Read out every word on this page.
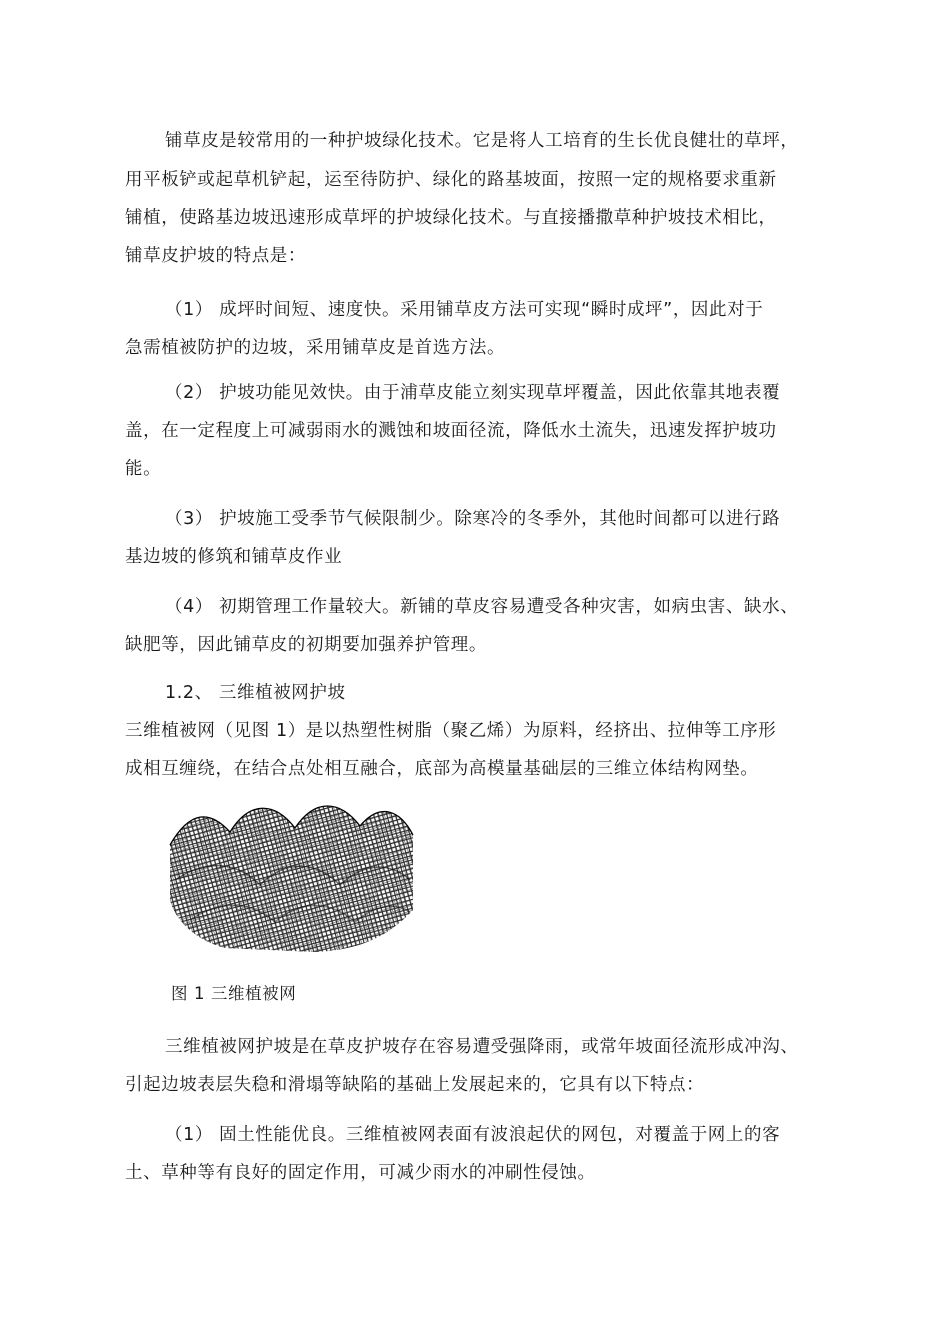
铺草皮是较常用的一种护坡绿化技术。它是将人工培育的生长优良健壮的草坪，

用平板铲或起草机铲起，运至待防护、绿化的路基坡面，按照一定的规格要求重新

铺植，使路基边坡迅速形成草坪的护坡绿化技术。与直接播撒草种护坡技术相比，

铺草皮护坡的特点是：

（1） 成坪时间短、速度快。采用铺草皮方法可实现“瞬时成坪”，因此对于

急需植被防护的边坡，采用铺草皮是首选方法。

（2） 护坡功能见效快。由于浦草皮能立刻实现草坪覆盖，因此依靠其地表覆

盖，在一定程度上可减弱雨水的溅蚀和坡面径流，降低水土流失，迅速发挥护坡功

能。

（3） 护坡施工受季节气候限制少。除寒冷的冬季外，其他时间都可以进行路

基边坡的修筑和铺草皮作业

（4） 初期管理工作量较大。新铺的草皮容易遭受各种灾害，如病虫害、缺水、

缺肥等，因此铺草皮的初期要加强养护管理。

1.2、 三维植被网护坡

三维植被网（见图 1）是以热塑性树脂（聚乙烯）为原料，经挤出、拉伸等工序形

成相互缠绕，在结合点处相互融合，底部为高模量基础层的三维立体结构网垫。

图 1 三维植被网

三维植被网护坡是在草皮护坡存在容易遭受强降雨，或常年坡面径流形成冲沟、

引起边坡表层失稳和滑塌等缺陷的基础上发展起来的，它具有以下特点：

（1） 固土性能优良。三维植被网表面有波浪起伏的网包，对覆盖于网上的客

土、草种等有良好的固定作用，可减少雨水的冲刷性侵蚀。
